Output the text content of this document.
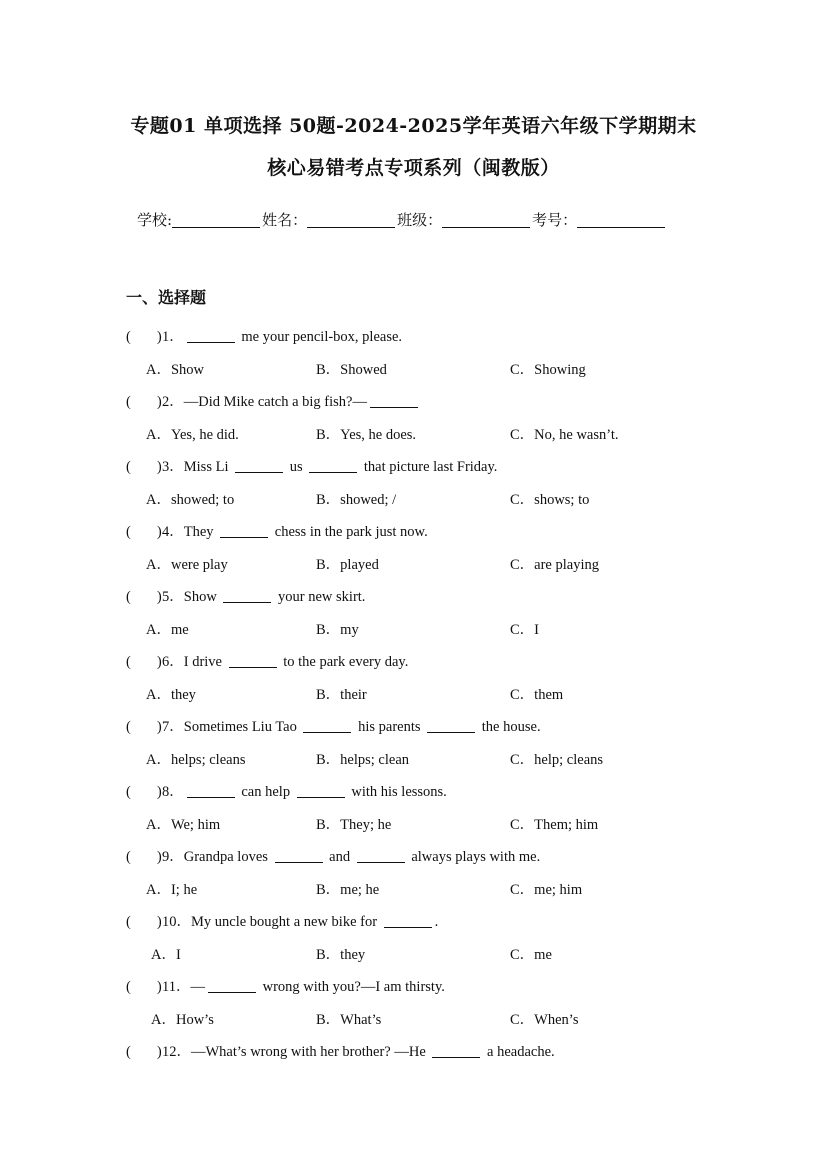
专题01 单项选择 50题-2024-2025学年英语六年级下学期期末
核心易错考点专项系列（闽教版）
学校:	姓名：	班级：	考号：
一、选择题
( )1．	me your pencil-box, please.
A．Show	B．Showed	C．Showing
( )2．—Did Mike catch a big fish?—
A．Yes, he did.	B．Yes, he does.	C．No, he wasn’t.
( )3．Miss Li	us	that picture last Friday.
A．showed; to	B．showed; /	C．shows; to
( )4．They	chess in the park just now.
A．were play	B．played	C．are playing
( )5．Show	your new skirt.
A．me	B．my	C．I
( )6．I drive	to the park every day.
A．they	B．their	C．them
( )7．Sometimes Liu Tao	his parents	the house.
A．helps; cleans	B．helps; clean	C．help; cleans
( )8．	can help	with his lessons.
A．We; him	B．They; he	C．Them; him
( )9．Grandpa loves	and	always plays with me.
A．I; he	B．me; he	C．me; him
( )10．My uncle bought a new bike for	.
A．I	B．they	C．me
( )11．—	wrong with you?—I am thirsty.
A．How’s	B．What’s	C．When’s
( )12．—What’s wrong with her brother? —He	a headache.
